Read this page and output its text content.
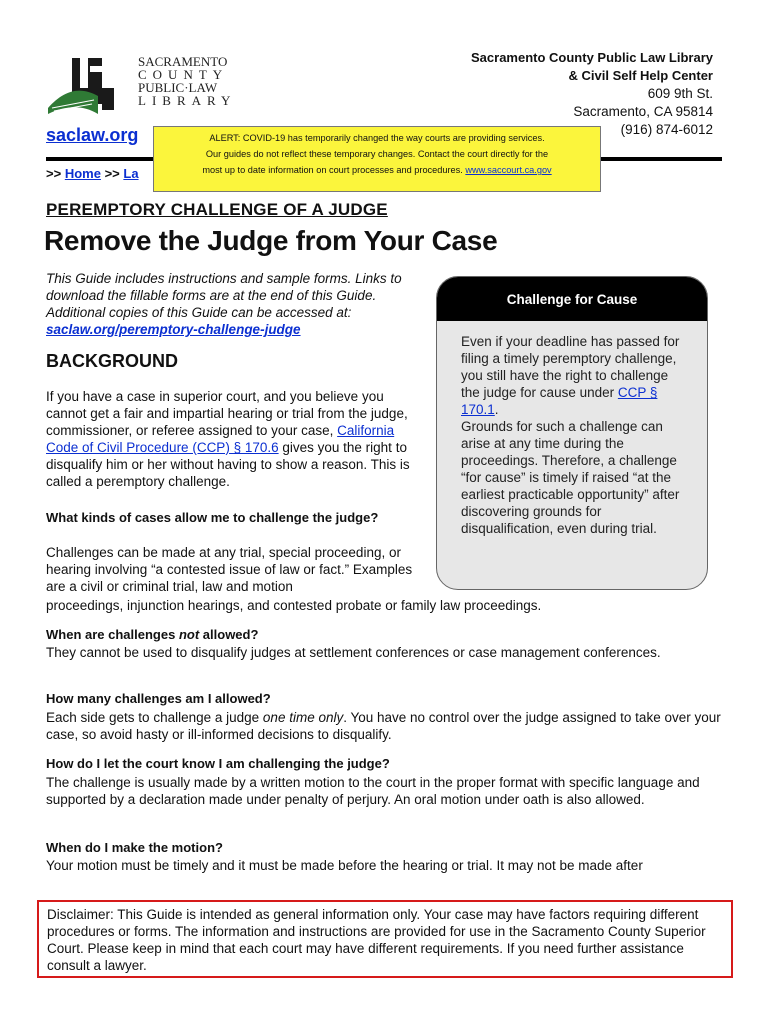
SACRAMENTO
COUNTY
PUBLIC·LAW
LIBRARY
Sacramento County Public Law Library
& Civil Self Help Center
609 9th St.
Sacramento, CA 95814
(916) 874-6012
saclaw.org
>> Home >> La
ALERT: COVID-19 has temporarily changed the way courts are providing services.
Our guides do not reflect these temporary changes. Contact the court directly for the
most up to date information on court processes and procedures. www.saccourt.ca.gov
PEREMPTORY CHALLENGE OF A JUDGE
Remove the Judge from Your Case
This Guide includes instructions and sample forms. Links to download the fillable forms are at the end of this Guide. Additional copies of this Guide can be accessed at: saclaw.org/peremptory-challenge-judge
BACKGROUND
If you have a case in superior court, and you believe you cannot get a fair and impartial hearing or trial from the judge, commissioner, or referee assigned to your case, California Code of Civil Procedure (CCP) § 170.6 gives you the right to disqualify him or her without having to show a reason. This is called a peremptory challenge.
What kinds of cases allow me to challenge the judge?
Challenges can be made at any trial, special proceeding, or hearing involving “a contested issue of law or fact.” Examples are a civil or criminal trial, law and motion
proceedings, injunction hearings, and contested probate or family law proceedings.
When are challenges not allowed?
They cannot be used to disqualify judges at settlement conferences or case management conferences.
How many challenges am I allowed?
Each side gets to challenge a judge one time only. You have no control over the judge assigned to take over your case, so avoid hasty or ill-informed decisions to disqualify.
How do I let the court know I am challenging the judge?
The challenge is usually made by a written motion to the court in the proper format with specific language and supported by a declaration made under penalty of perjury. An oral motion under oath is also allowed.
When do I make the motion?
Your motion must be timely and it must be made before the hearing or trial. It may not be made after
Challenge for Cause
Even if your deadline has passed for filing a timely peremptory challenge, you still have the right to challenge the judge for cause under CCP § 170.1.
Grounds for such a challenge can arise at any time during the proceedings. Therefore, a challenge “for cause” is timely if raised “at the earliest practicable opportunity” after discovering grounds for disqualification, even during trial.
Disclaimer: This Guide is intended as general information only. Your case may have factors requiring different procedures or forms. The information and instructions are provided for use in the Sacramento County Superior Court. Please keep in mind that each court may have different requirements. If you need further assistance consult a lawyer.
